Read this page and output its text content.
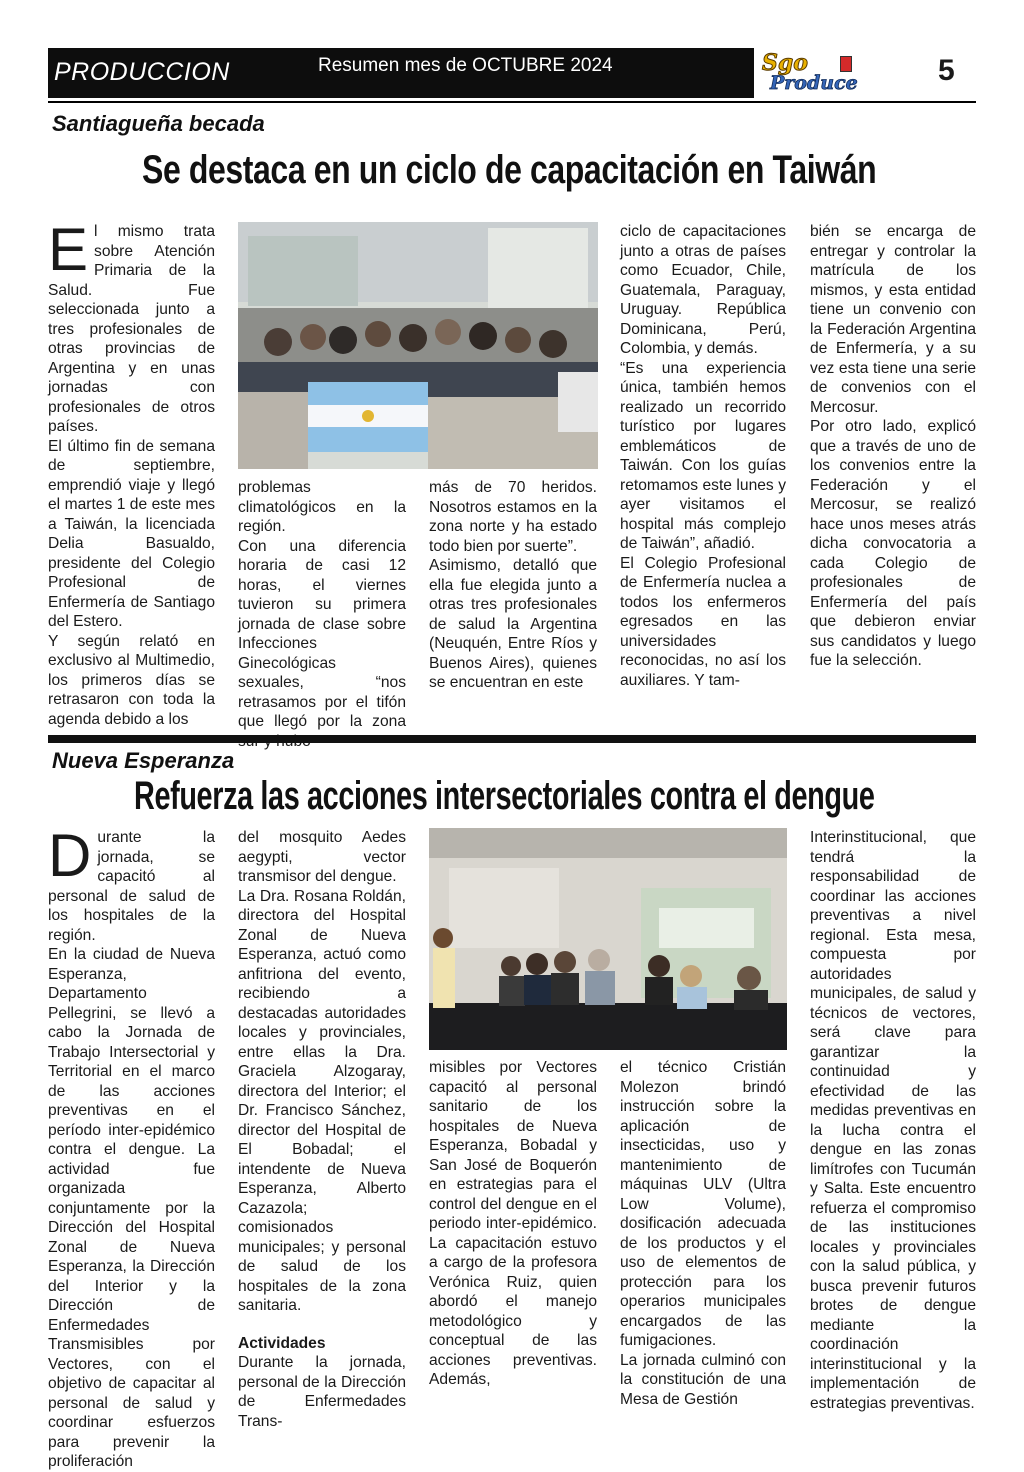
PRODUCCION	Resumen mes de OCTUBRE 2024	Sgo
Produce	5
Santiagueña becada
Se destaca en un ciclo de capacitación en Taiwán

El mismo trata sobre Atención Primaria de la Salud. Fue seleccionada junto a tres profesionales de otras provincias de Argentina y en unas jornadas con profesionales de otros países.

El último fin de semana de septiembre, emprendió viaje y llegó el martes 1 de este mes a Taiwán, la licenciada Delia Basualdo, presidente del Colegio Profesional de Enfermería de Santiago del Estero.

Y según relató en exclusivo al Multimedio, los primeros días se retrasaron con toda la agenda debido a los

problemas climatológicos en la región.

Con una diferencia horaria de casi 12 horas, el viernes tuvieron su primera jornada de clase sobre Infecciones Ginecológicas sexuales, “nos retrasamos por el tifón que llegó por la zona

más de 70 heridos. Nosotros estamos en la zona norte y ha estado todo bien por suerte”.

Asimismo, detalló que ella fue elegida junto a otras tres profesionales de salud la Argentina (Neuquén, Entre Ríos y Buenos Aires), quienes se encuentran en este

ciclo de capacitaciones junto a otras de países como Ecuador, Chile, Guatemala, Paraguay, Uruguay. República Dominicana, Perú, Colombia, y demás.

“Es una experiencia única, también hemos realizado un recorrido turístico por lugares emblemáticos de Taiwán. Con los guías retomamos este lunes y ayer visitamos el hospital más complejo de Taiwán”, añadió.

El Colegio Profesional de Enfermería nuclea a todos los enfermeros egresados en las universidades reconocidas, no así los auxiliares. Y tam-

bién se encarga de entregar y controlar la matrícula de los mismos, y esta entidad tiene un convenio con la Federación Argentina de Enfermería, y a su vez esta tiene una serie de convenios con el Mercosur.

Por otro lado, explicó que a través de uno de los convenios entre la Federación y el Mercosur, se realizó hace unos meses atrás dicha convocatoria a cada Colegio de profesionales de Enfermería del país que debieron enviar sus candidatos y luego fue la selección.

Nueva Esperanza
Refuerza las acciones intersectoriales contra el dengue

Durante la jornada, se capacitó al personal de salud de los hospitales de la región.

En la ciudad de Nueva Esperanza, Departamento Pellegrini, se llevó a cabo la Jornada de Trabajo Intersectorial y Territorial en el marco de las acciones preventivas en el período inter-epidémico contra el dengue. La actividad fue organizada conjuntamente por la Dirección del Hospital Zonal de Nueva Esperanza, la Dirección del Interior y la Dirección de Enfermedades Transmisibles por Vectores, con el objetivo de capacitar al personal de salud y coordinar esfuerzos para prevenir la proliferación

del mosquito Aedes aegypti, vector transmisor del dengue.

La Dra. Rosana Roldán, directora del Hospital Zonal de Nueva Esperanza, actuó como anfitriona del evento, recibiendo a destacadas autoridades locales y provinciales, entre ellas la Dra. Graciela Alzogaray, directora del Interior; el Dr. Francisco Sánchez, director del Hospital de El Bobadal; el intendente de Nueva Esperanza, Alberto Cazazola; comisionados municipales; y personal de salud de los hospitales de la zona sanitaria.

Actividades

Durante la jornada, personal de la Dirección de Enfermedades Trans-

misibles por Vectores capacitó al personal sanitario de los hospitales de Nueva Esperanza, Bobadal y San José de Boquerón en estrategias para el control del dengue en el periodo inter-epidémico. La capacitación estuvo a cargo de la profesora Verónica Ruiz, quien abordó el manejo metodológico y conceptual de las acciones preventivas. Además,

el técnico Cristián Molezon brindó instrucción sobre la aplicación de insecticidas, uso y mantenimiento de máquinas ULV (Ultra Low Volume), dosificación adecuada de los productos y el uso de elementos de protección para los operarios municipales encargados de las fumigaciones.

La jornada culminó con la constitución de una Mesa de Gestión

Interinstitucional, que tendrá la responsabilidad de coordinar las acciones preventivas a nivel regional. Esta mesa, compuesta por autoridades municipales, de salud y técnicos de vectores, será clave para garantizar la continuidad y efectividad de las medidas preventivas en la lucha contra el dengue en las zonas limítrofes con Tucumán y Salta. Este encuentro refuerza el compromiso de las instituciones locales y provinciales con la salud pública, y busca prevenir futuros brotes de dengue mediante la coordinación interinstitucional y la implementación de estrategias preventivas.
